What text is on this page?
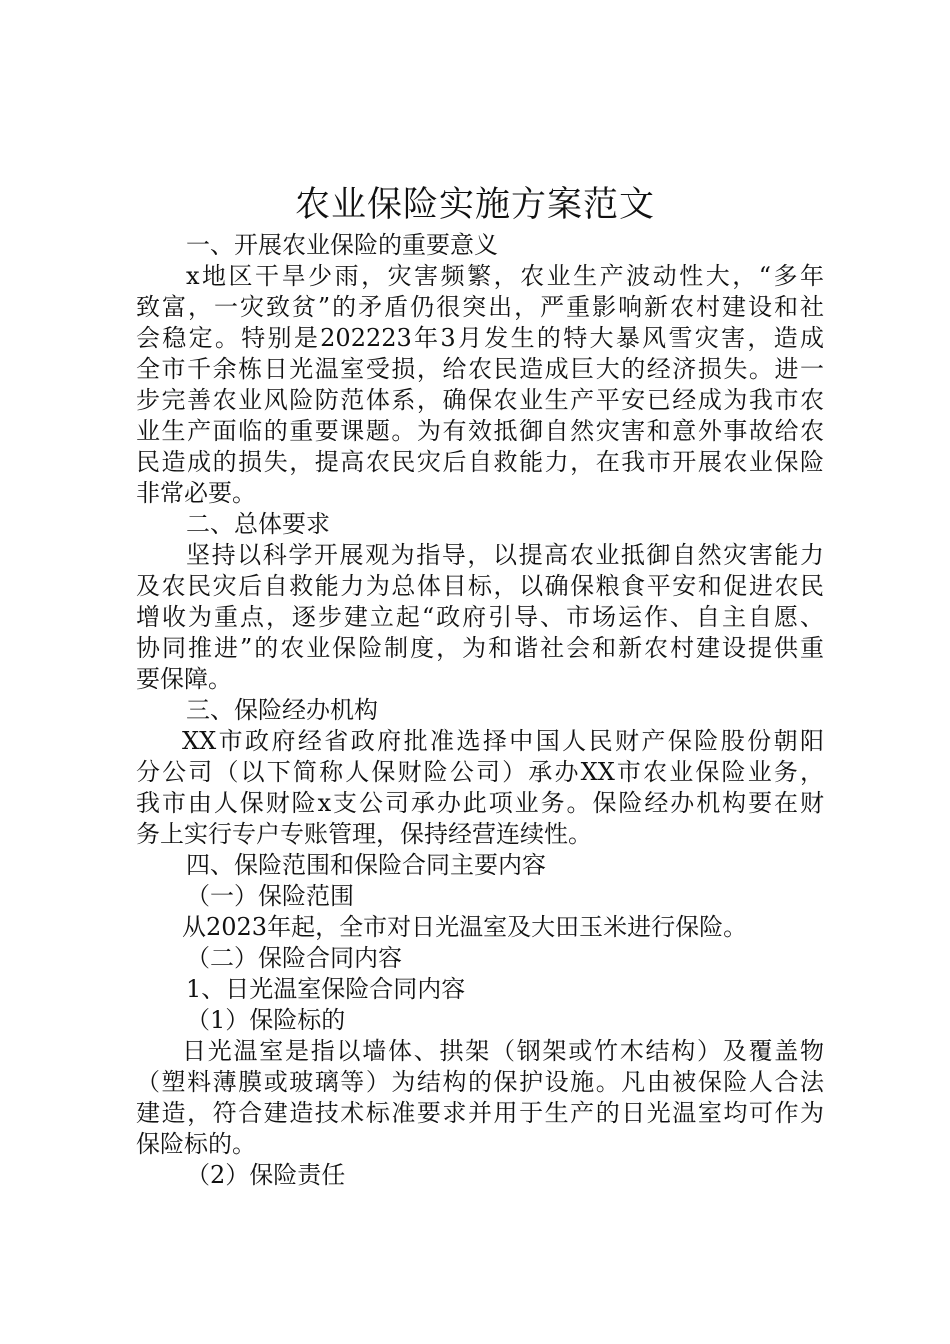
农业保险实施方案范文
一、开展农业保险的重要意义
x地区干旱少雨，灾害频繁，农业生产波动性大，“多年
致富，一灾致贫”的矛盾仍很突出，严重影响新农村建设和社
会稳定。特别是202223年3月发生的特大暴风雪灾害，造成
全市千余栋日光温室受损，给农民造成巨大的经济损失。进一
步完善农业风险防范体系，确保农业生产平安已经成为我市农
业生产面临的重要课题。为有效抵御自然灾害和意外事故给农
民造成的损失，提高农民灾后自救能力，在我市开展农业保险
非常必要。
二、总体要求
坚持以科学开展观为指导，以提高农业抵御自然灾害能力
及农民灾后自救能力为总体目标，以确保粮食平安和促进农民
增收为重点，逐步建立起“政府引导、市场运作、自主自愿、
协同推进”的农业保险制度，为和谐社会和新农村建设提供重
要保障。
三、保险经办机构
XX市政府经省政府批准选择中国人民财产保险股份朝阳
分公司（以下简称人保财险公司）承办XX市农业保险业务，
我市由人保财险x支公司承办此项业务。保险经办机构要在财
务上实行专户专账管理，保持经营连续性。
四、保险范围和保险合同主要内容
（一）保险范围
从2023年起，全市对日光温室及大田玉米进行保险。
（二）保险合同内容
1、日光温室保险合同内容
（1）保险标的
日光温室是指以墙体、拱架（钢架或竹木结构）及覆盖物
（塑料薄膜或玻璃等）为结构的保护设施。凡由被保险人合法
建造，符合建造技术标准要求并用于生产的日光温室均可作为
保险标的。
（2）保险责任
